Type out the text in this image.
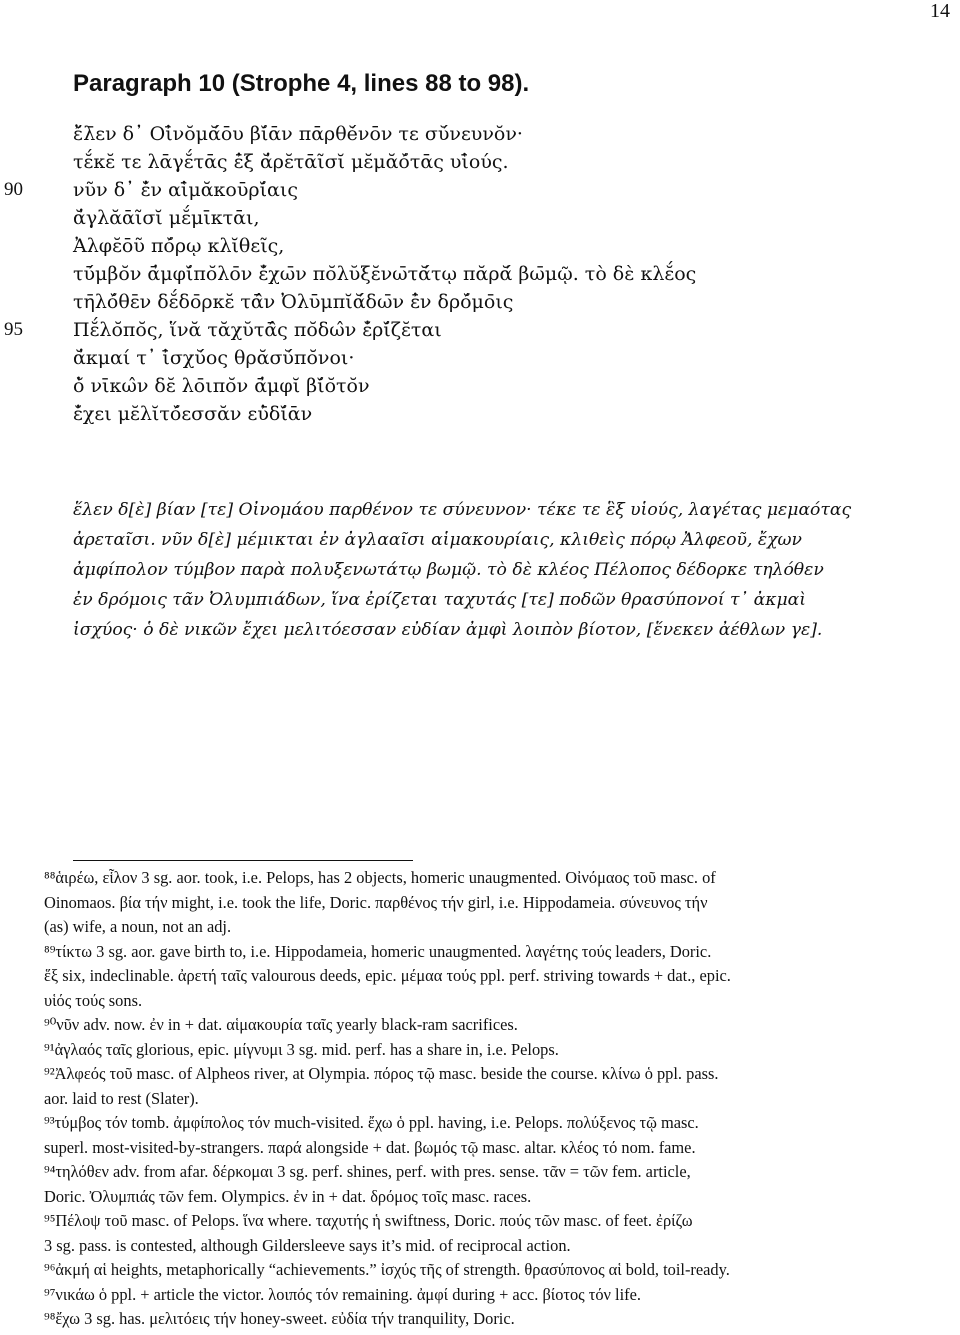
14
Paragraph 10 (Strophe 4, lines 88 to 98).
ἔ̆λ̄εν δ᾽ Οἰ̄νŏμᾰ́ōυ βῐ́ᾱν πᾱρθĕ́νōν τε σῠ́νευνŏν·
τε̆́κε̆ τε λᾱγε̆́τᾱς ε̄̓ξ ᾰ̓ρε̆τᾱῖσῐ με̆μᾰό̆τᾱς υἱ̄ούς.
90	νῦν δ᾽ ε̆̓ν αἱ̄μᾰκοῡρῐ́αις
ᾰ̓γλᾰᾱῖσῐ με̆́μῑκτᾱι,
Ἀλφε̆ōῦ πό̆ρῳ κλῐθεῖς,
τῡ́μβο̆ν ᾱ̓μφῐ́πο̆λο̄ν ε̆̓χω̄ν πο̆λῠξε̆νω̄τᾰ́τῳ πᾰρᾰ́ βω̄μῷ. τὸ δὲ κλε̆́ος
τη̄λό̆θε̄ν δε̆́δο̄ρκε̆ τᾱ̂ν Ὀλῡμπῐᾰ́δω̄ν ε̄̓ν δρό̆μο̄ις
95	Πε̆́λο̆πο̆ς, ἵνᾰ τᾰχῠτᾱ̂ς πο̆δω̂ν ε̆̓ρῐ́ζε̆ται
ᾰ̓κμαί τ᾽ ἰ̄σχῠ́ος θρᾰσῠ́πο̆νοι·
ὁ̆ νῑκω̂ν δε̆ λο̄ιπο̆ν ᾱ̓μφῐ βῐ́ο̆το̆ν
ε̆̓χει με̆λῐτό̆εσσᾰν εὐ̄δῐ́ᾱν
ἕλεν δ[ὲ] βίαν [τε] Οἰνομάου παρθένον τε σύνευνον· τέκε τε ἓξ υἱούς, λαγέτας μεμαότας
ἀρεταῖσι. νῦν δ[ὲ] μέμικται ἐν ἀγλααῖσι αἱμακουρίαις, κλιθεὶς πόρῳ Ἀλφεοῦ, ἔχων
ἀμφίπολον τύμβον παρὰ πολυξενωτάτῳ βωμῷ. τὸ δὲ κλέος Πέλοπος δέδορκε τηλόθεν
ἐν δρόμοις τᾶν Ὀλυμπιάδων, ἵνα ἐρίζεται ταχυτάς [τε] ποδῶν θρασύπονοί τ᾽ ἀκμαὶ
ἰσχύος· ὁ δὲ νικῶν ἔχει μελιτόεσσαν εὐδίαν ἀμφὶ λοιπὸν βίοτον, [ἕνεκεν ἀέθλων γε].
⁸⁸ἁιρέω, εἷλον 3 sg. aor. took, i.e. Pelops, has 2 objects, homeric unaugmented. Οἰνόμαος τοῦ masc. of
Oinomaos. βία τήν might, i.e. took the life, Doric. παρθένος τήν girl, i.e. Hippodameia. σύνευνος τήν
(as) wife, a noun, not an adj.
⁸⁹τίκτω 3 sg. aor. gave birth to, i.e. Hippodameia, homeric unaugmented. λαγέτης τούς leaders, Doric.
ἕξ six, indeclinable. ἀρετή ταῖς valourous deeds, epic. μέμαα τούς ppl. perf. striving towards + dat., epic.
υἱός τούς sons.
⁹⁰νῦν adv. now. ἐν in + dat. αἱμακουρία ταῖς yearly black-ram sacrifices.
⁹¹ἀγλαός ταῖς glorious, epic. μίγνυμι 3 sg. mid. perf. has a share in, i.e. Pelops.
⁹²Ἀλφεός τοῦ masc. of Alpheos river, at Olympia. πόρος τῷ masc. beside the course. κλίνω ὁ ppl. pass.
aor. laid to rest (Slater).
⁹³τύμβος τόν tomb. ἀμφίπολος τόν much-visited. ἔχω ὁ ppl. having, i.e. Pelops. πολύξενος τῷ masc.
superl. most-visited-by-strangers. παρά alongside + dat. βωμός τῷ masc. altar. κλέος τό nom. fame.
⁹⁴τηλόθεν adv. from afar. δέρκομαι 3 sg. perf. shines, perf. with pres. sense. τᾶν = τῶν fem. article,
Doric. Ὀλυμπιάς τῶν fem. Olympics. ἐν in + dat. δρόμος τοῖς masc. races.
⁹⁵Πέλοψ τοῦ masc. of Pelops. ἵνα where. ταχυτής ἡ swiftness, Doric. πούς τῶν masc. of feet. ἐρίζω
3 sg. pass. is contested, although Gildersleeve says it’s mid. of reciprocal action.
⁹⁶ἀκμή αἱ heights, metaphorically “achievements.” ἰσχύς τῆς of strength. θρασύπονος αἱ bold, toil-ready.
⁹⁷νικάω ὁ ppl. + article the victor. λοιπός τόν remaining. ἀμφί during + acc. βίοτος τόν life.
⁹⁸ἔχω 3 sg. has. μελιτόεις τήν honey-sweet. εὐδία τήν tranquility, Doric.
